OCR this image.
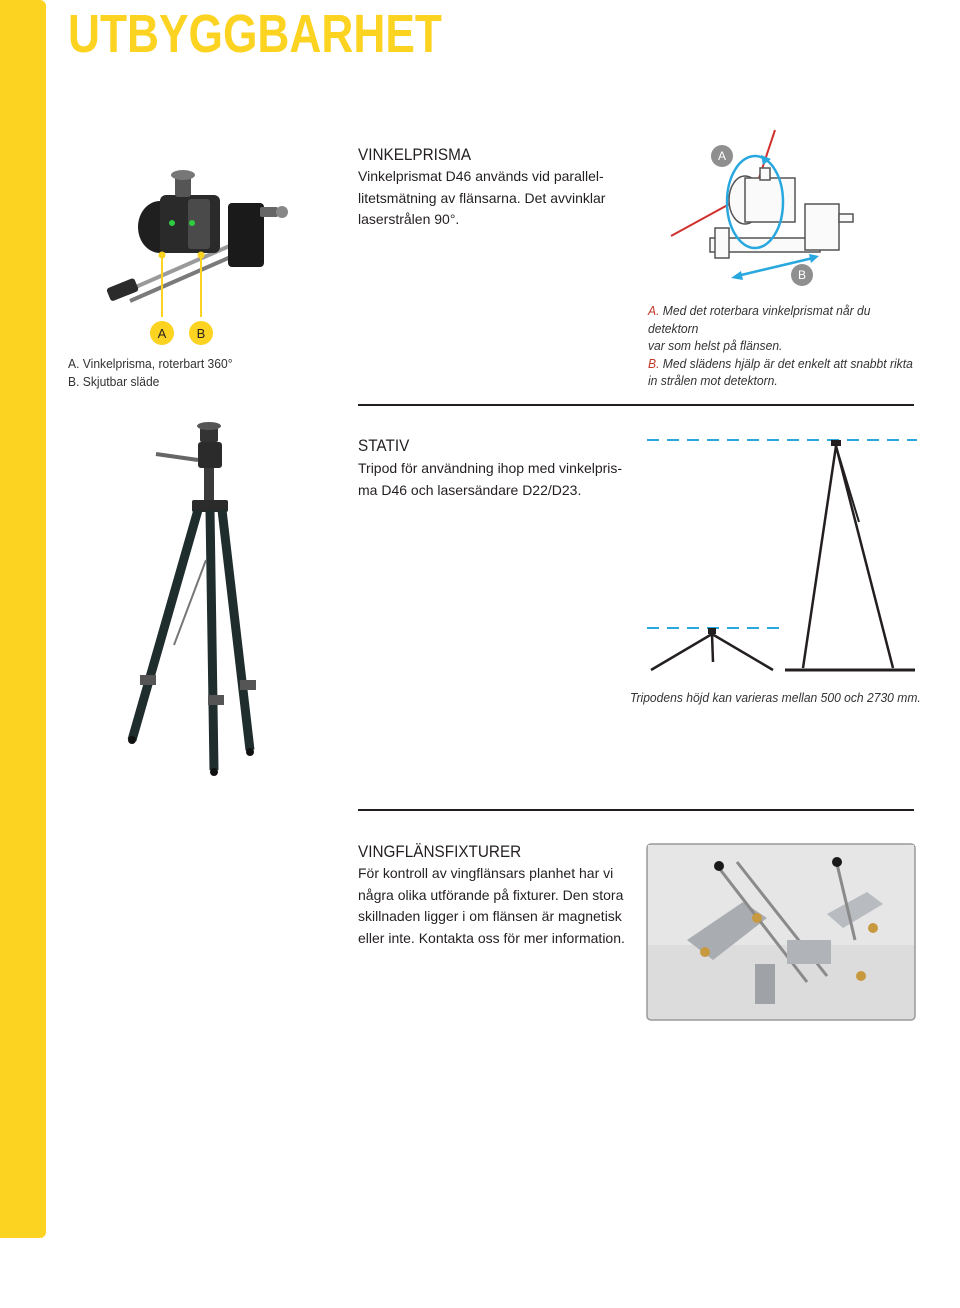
UTBYGGBARHET
VINKELPRISMA
Vinkelprismat D46 används vid parallel-
litetsmätning av flänsarna. Det avvinklar
laserstrålen 90°.
A	B
A. Vinkelprisma, roterbart 360°
B. Skjutbar släde
A
B
A. Med det roterbara vinkelprismat når du detektorn
var som helst på flänsen.
B. Med slädens hjälp är det enkelt att snabbt rikta
in strålen mot detektorn.
STATIV
Tripod för användning ihop med vinkelpris-
ma D46 och lasersändare D22/D23.
Tripodens höjd kan varieras mellan 500 och 2730 mm.
VINGFLÄNSFIXTURER
För kontroll av vingflänsars planhet har vi
några olika utförande på fixturer. Den stora
skillnaden ligger i om flänsen är magnetisk
eller inte. Kontakta oss för mer information.
